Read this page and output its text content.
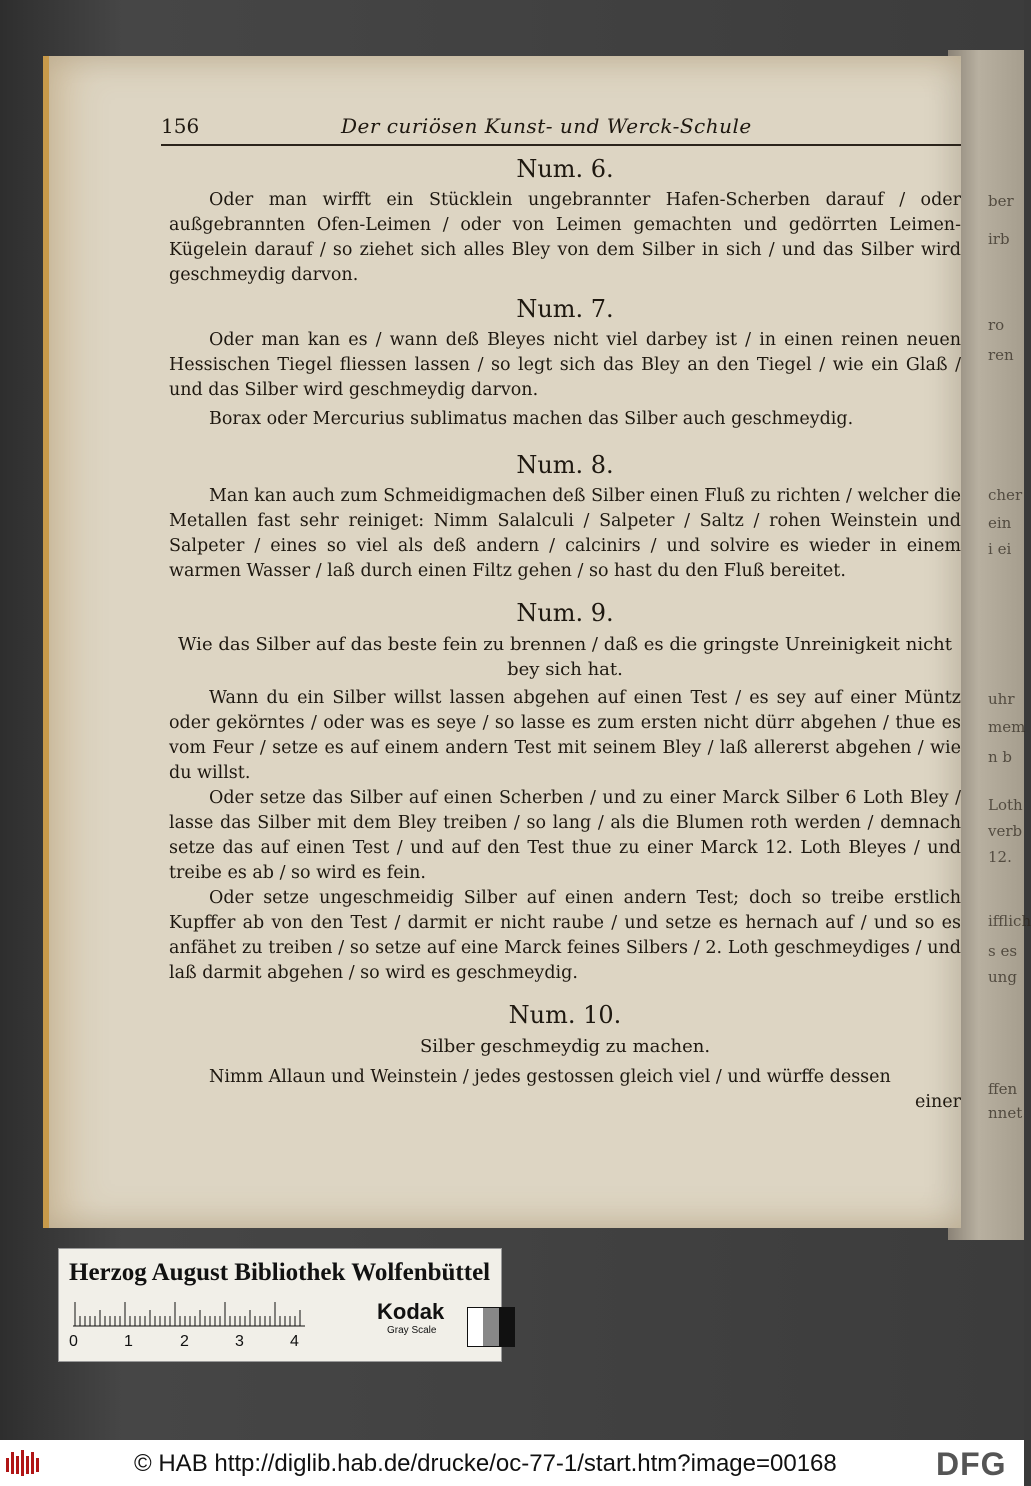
ber
irb
ro
ren
cher
ein
i ei
uhr
mem
n b
Loth
verb
12.
ifflich
s es
ung
ffen
nnet
156	Der curiösen Kunst- und Werck-Schule
Num. 6.

Oder man wirfft ein Stücklein ungebrannter Hafen-Scherben darauf / oder außgebrannten Ofen-Leimen / oder von Leimen gemachten und gedörrten Leimen-Kügelein darauf / so ziehet sich alles Bley von dem Silber in sich / und das Silber wird geschmeydig darvon.

Num. 7.

Oder man kan es / wann deß Bleyes nicht viel darbey ist / in einen reinen neuen Hessischen Tiegel fliessen lassen / so legt sich das Bley an den Tiegel / wie ein Glaß / und das Silber wird geschmeydig darvon.

Borax oder Mercurius sublimatus machen das Silber auch geschmeydig.

Num. 8.

Man kan auch zum Schmeidigmachen deß Silber einen Fluß zu richten / welcher die Metallen fast sehr reiniget: Nimm Salalculi / Salpeter / Saltz / rohen Weinstein und Salpeter / eines so viel als deß andern / calcinirs / und solvire es wieder in einem warmen Wasser / laß durch einen Filtz gehen / so hast du den Fluß bereitet.

Num. 9.

Wie das Silber auf das beste fein zu brennen / daß es die gringste Unreinigkeit nicht bey sich hat.

Wann du ein Silber willst lassen abgehen auf einen Test / es sey auf einer Müntz oder gekörntes / oder was es seye / so lasse es zum ersten nicht dürr abgehen / thue es vom Feur / setze es auf einem andern Test mit seinem Bley / laß allererst abgehen / wie du willst.

Oder setze das Silber auf einen Scherben / und zu einer Marck Silber 6 Loth Bley / lasse das Silber mit dem Bley treiben / so lang / als die Blumen roth werden / demnach setze das auf einen Test / und auf den Test thue zu einer Marck 12. Loth Bleyes / und treibe es ab / so wird es fein.

Oder setze ungeschmeidig Silber auf einen andern Test; doch so treibe erstlich Kupffer ab von den Test / darmit er nicht raube / und setze es hernach auf / und so es anfähet zu treiben / so setze auf eine Marck feines Silbers / 2. Loth geschmeydiges / und laß darmit abgehen / so wird es geschmeydig.

Num. 10.

Silber geschmeydig zu machen.

Nimm Allaun und Weinstein / jedes gestossen gleich viel / und würffe dessen

einer
Herzog August Bibliothek Wolfenbüttel
0	1	2	3	4
Kodak
Gray Scale
© HAB http://diglib.hab.de/drucke/oc-77-1/start.htm?image=00168	DFG
